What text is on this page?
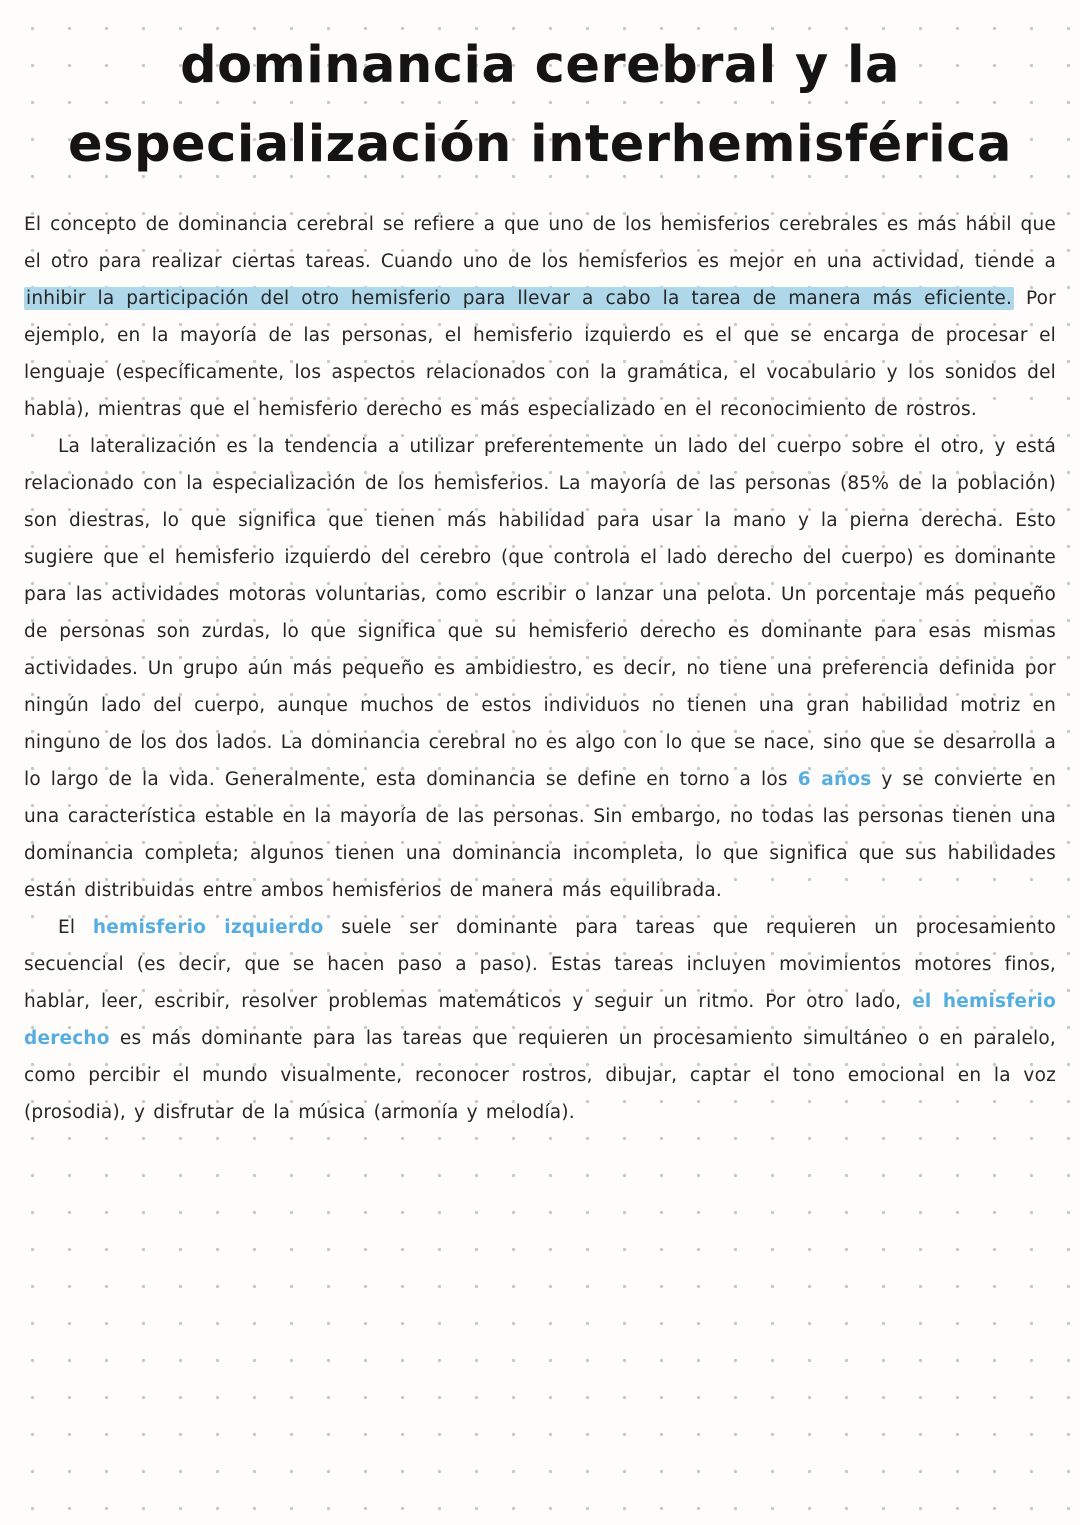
dominancia cerebral y la
especialización interhemisférica

El concepto de dominancia cerebral se refiere a que uno de los hemisferios cerebrales es más hábil que el otro para realizar ciertas tareas. Cuando uno de los hemisferios es mejor en una actividad, tiende a inhibir la participación del otro hemisferio para llevar a cabo la tarea de manera más eficiente. Por ejemplo, en la mayoría de las personas, el hemisferio izquierdo es el que se encarga de procesar el lenguaje (específicamente, los aspectos relacionados con la gramática, el vocabulario y los sonidos del habla), mientras que el hemisferio derecho es más especializado en el reconocimiento de rostros.

La lateralización es la tendencia a utilizar preferentemente un lado del cuerpo sobre el otro, y está relacionado con la especialización de los hemisferios. La mayoría de las personas (85% de la población) son diestras, lo que significa que tienen más habilidad para usar la mano y la pierna derecha. Esto sugiere que el hemisferio izquierdo del cerebro (que controla el lado derecho del cuerpo) es dominante para las actividades motoras voluntarias, como escribir o lanzar una pelota. Un porcentaje más pequeño de personas son zurdas, lo que significa que su hemisferio derecho es dominante para esas mismas actividades. Un grupo aún más pequeño es ambidiestro, es decir, no tiene una preferencia definida por ningún lado del cuerpo, aunque muchos de estos individuos no tienen una gran habilidad motriz en ninguno de los dos lados. La dominancia cerebral no es algo con lo que se nace, sino que se desarrolla a lo largo de la vida. Generalmente, esta dominancia se define en torno a los 6 años y se convierte en una característica estable en la mayoría de las personas. Sin embargo, no todas las personas tienen una dominancia completa; algunos tienen una dominancia incompleta, lo que significa que sus habilidades están distribuidas entre ambos hemisferios de manera más equilibrada.

El hemisferio izquierdo suele ser dominante para tareas que requieren un procesamiento secuencial (es decir, que se hacen paso a paso). Estas tareas incluyen movimientos motores finos, hablar, leer, escribir, resolver problemas matemáticos y seguir un ritmo. Por otro lado, el hemisferio derecho es más dominante para las tareas que requieren un procesamiento simultáneo o en paralelo, como percibir el mundo visualmente, reconocer rostros, dibujar, captar el tono emocional en la voz (prosodia), y disfrutar de la música (armonía y melodía).
